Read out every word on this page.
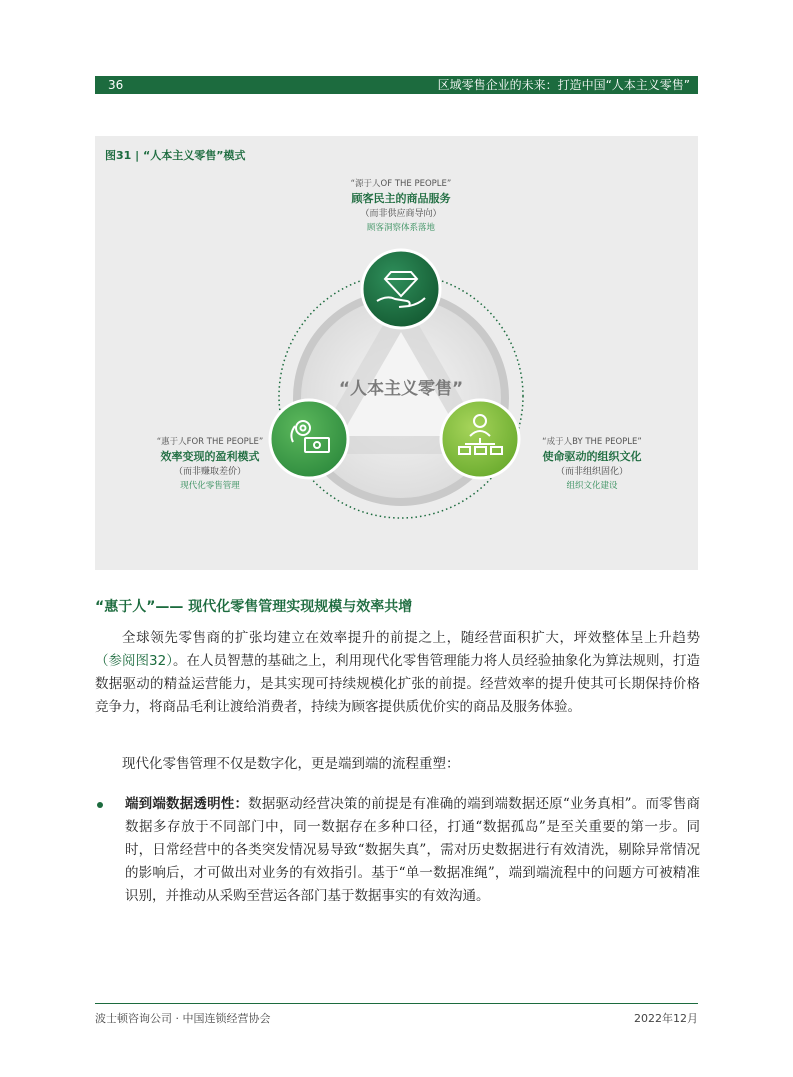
36	区域零售企业的未来：打造中国“人本主义零售”
图31 | “人本主义零售”模式
“人本主义零售”
“源于人OF THE PEOPLE”
顾客民主的商品服务
（而非供应商导向）
顾客洞察体系落地
“惠于人FOR THE PEOPLE”
效率变现的盈利模式
（而非赚取差价）
现代化零售管理
“成于人BY THE PEOPLE”
使命驱动的组织文化
（而非组织固化）
组织文化建设
“惠于人”—— 现代化零售管理实现规模与效率共增
全球领先零售商的扩张均建立在效率提升的前提之上，随经营面积扩大，坪效整体呈上升趋势（参阅图32）。在人员智慧的基础之上，利用现代化零售管理能力将人员经验抽象化为算法规则，打造数据驱动的精益运营能力，是其实现可持续规模化扩张的前提。经营效率的提升使其可长期保持价格竞争力，将商品毛利让渡给消费者，持续为顾客提供质优价实的商品及服务体验。
现代化零售管理不仅是数字化，更是端到端的流程重塑：
端到端数据透明性：数据驱动经营决策的前提是有准确的端到端数据还原“业务真相”。而零售商数据多存放于不同部门中，同一数据存在多种口径，打通“数据孤岛”是至关重要的第一步。同时，日常经营中的各类突发情况易导致“数据失真”，需对历史数据进行有效清洗，剔除异常情况的影响后，才可做出对业务的有效指引。基于“单一数据准绳”，端到端流程中的问题方可被精准识别，并推动从采购至营运各部门基于数据事实的有效沟通。
波士顿咨询公司 · 中国连锁经营协会	2022年12月
